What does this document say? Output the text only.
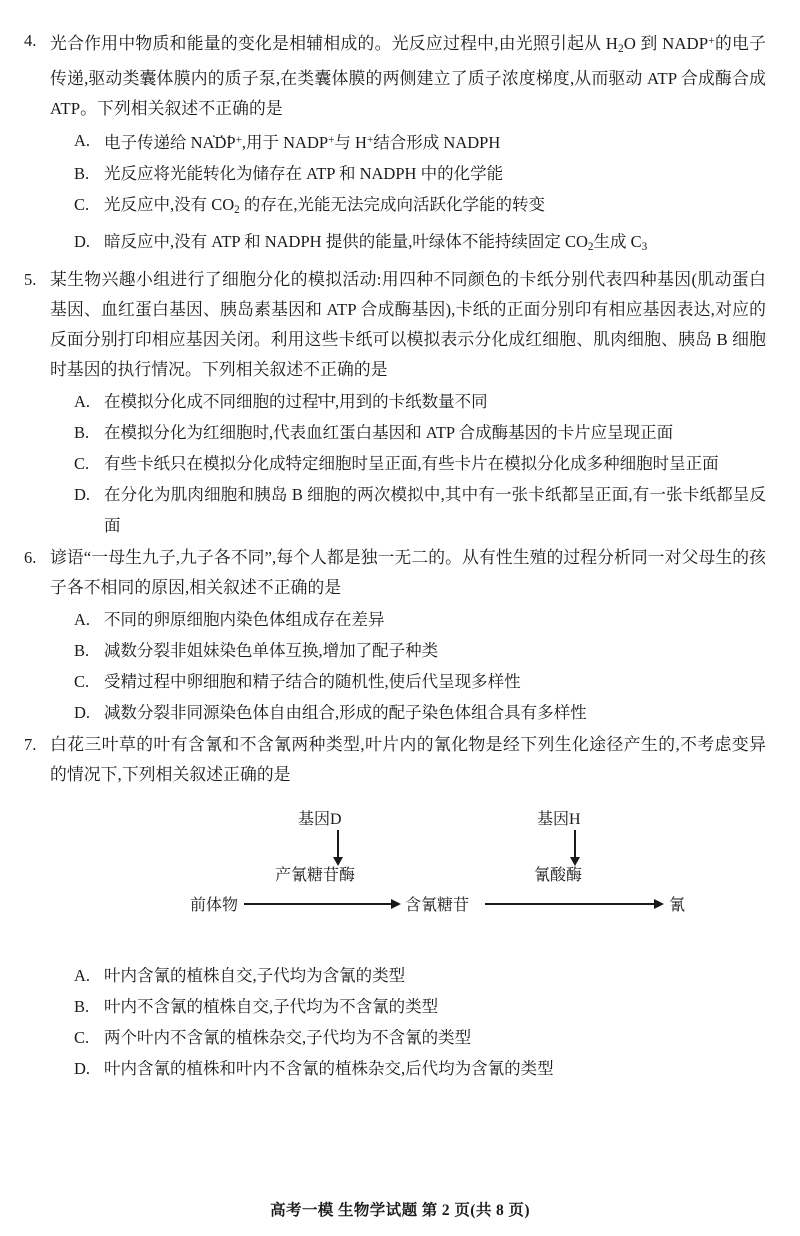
4. 光合作用中物质和能量的变化是相辅相成的。光反应过程中,由光照引起从 $H_2O$ 到 NADP+的电子传递,驱动类囊体膜内的质子泵,在类囊体膜的两侧建立了质子浓度梯度,从而驱动 ATP 合成酶合成 ATP。下列相关叙述不正确 ...的是
A. 电子传递给 NADP+,用于 NADP+与 H+结合形成 NADPH
B. 光反应将光能转化为储存在 ATP 和 NADPH 中的化学能
C. 光反应中,没有 $CO_2$ 的存在,光能无法完成向活跃化学能的转变
D. 暗反应中,没有 ATP 和 NADPH 提供的能量,叶绿体不能持续固定 $CO_2$生成 $C_3$
5. 某生物兴趣小组进行了细胞分化的模拟活动:用四种不同颜色的卡纸分别代表四种基因(肌动蛋白基因、血红蛋白基因、胰岛素基因和 ATP 合成酶基因),卡纸的正面分别印有相应基因表达,对应的反面分别打印相应基因关闭。利用这些卡纸可以模拟表示分化成红细胞、肌肉细胞、胰岛 B 细胞时基因的执行情况。下列相关叙述不正确 ...的是
A. 在模拟分化成不同细胞的过程中,用到的卡纸数量不同
B. 在模拟分化为红细胞时,代表血红蛋白基因和 ATP 合成酶基因的卡片应呈现正面
C. 有些卡纸只在模拟分化成特定细胞时呈正面,有些卡片在模拟分化成多种细胞时呈正面
D. 在分化为肌肉细胞和胰岛 B 细胞的两次模拟中,其中有一张卡纸都呈正面,有一张卡纸都呈反面
6. 谚语“一母生九子,九子各不同”,每个人都是独一无二的。从有性生殖的过程分析同一对父母生的孩子各不相同的原因,相关叙述不正确 ...的是
A. 不同的卵原细胞内染色体组成存在差异
B. 减数分裂非姐妹染色单体互换,增加了配子种类
C. 受精过程中卵细胞和精子结合的随机性,使后代呈现多样性
D. 减数分裂非同源染色体自由组合,形成的配子染色体组合具有多样性
7. 白花三叶草的叶有含氰和不含氰两种类型,叶片内的氰化物是经下列生化途径产生的,不考虑变异的情况下,下列相关叙述正确的是
基因D	基因H
产氰糖苷酶	氰酸酶
前体物	含氰糖苷	氰
A. 叶内含氰的植株自交,子代均为含氰的类型
B. 叶内不含氰的植株自交,子代均为不含氰的类型
C. 两个叶内不含氰的植株杂交,子代均为不含氰的类型
D. 叶内含氰的植株和叶内不含氰的植株杂交,后代均为含氰的类型
高考一模 生物学试题 第 2 页(共 8 页)
